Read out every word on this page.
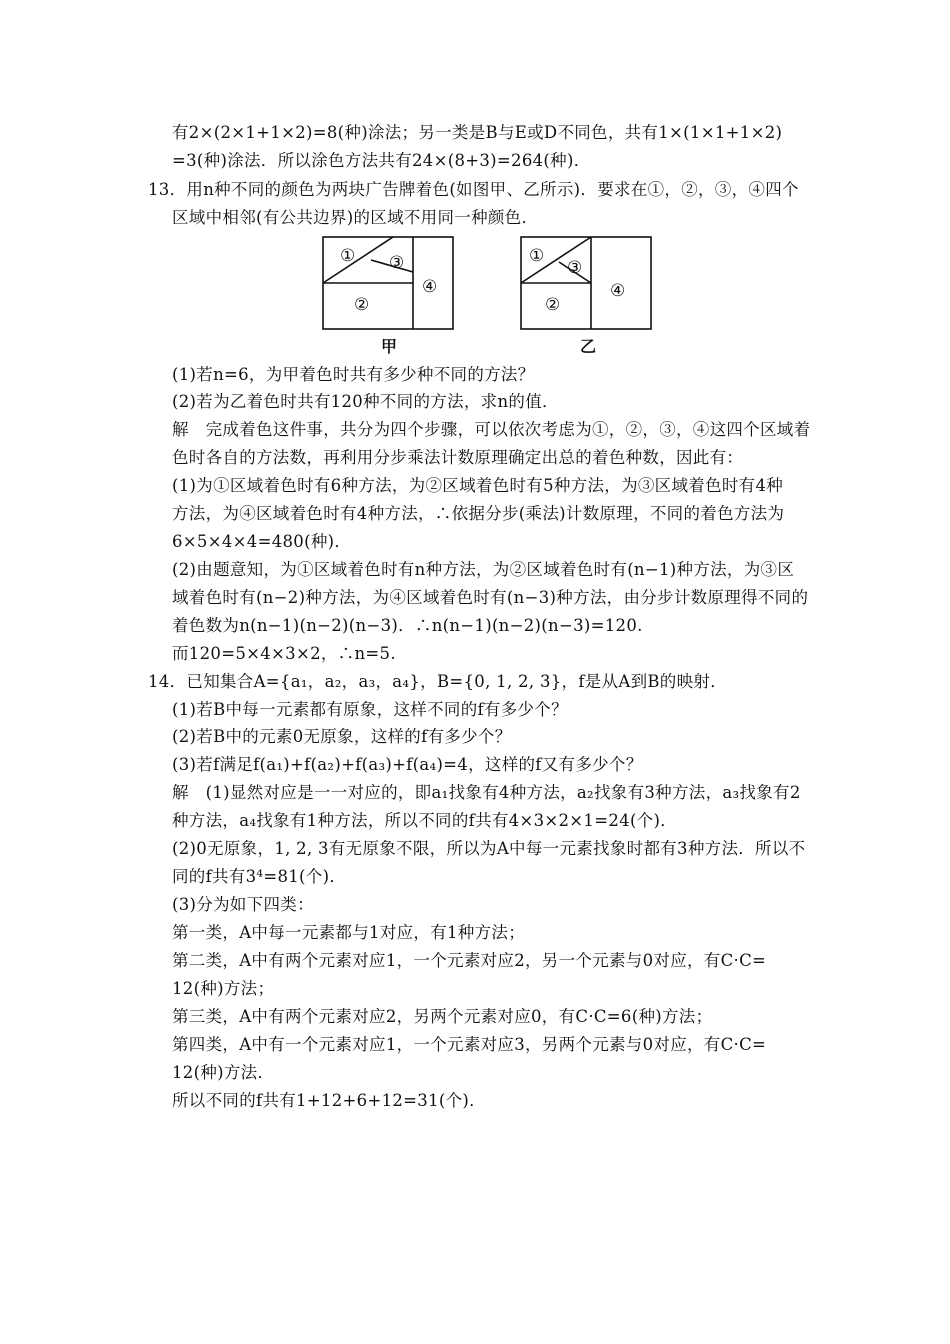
有2×(2×1+1×2)=8(种)涂法；另一类是B与E或D不同色，共有1×(1×1+1×2)
=3(种)涂法．所以涂色方法共有24×(8+3)=264(种)．
13．用n种不同的颜色为两块广告牌着色(如图甲、乙所示)．要求在①，②，③，④四个
区域中相邻(有公共边界)的区域不用同一种颜色．
① ③
②
④
甲
①
③
②
④
乙
(1)若n=6，为甲着色时共有多少种不同的方法？
(2)若为乙着色时共有120种不同的方法，求n的值．
解　完成着色这件事，共分为四个步骤，可以依次考虑为①，②，③，④这四个区域着
色时各自的方法数，再利用分步乘法计数原理确定出总的着色种数，因此有：
(1)为①区域着色时有6种方法，为②区域着色时有5种方法，为③区域着色时有4种
方法，为④区域着色时有4种方法，∴依据分步(乘法)计数原理，不同的着色方法为
6×5×4×4=480(种)．
(2)由题意知，为①区域着色时有n种方法，为②区域着色时有(n−1)种方法，为③区
域着色时有(n−2)种方法，为④区域着色时有(n−3)种方法，由分步计数原理得不同的
着色数为n(n−1)(n−2)(n−3)．∴n(n−1)(n−2)(n−3)=120.
而120=5×4×3×2，∴n=5.
14．已知集合A={a₁，a₂，a₃，a₄}，B={0, 1, 2, 3}，f是从A到B的映射．
(1)若B中每一元素都有原象，这样不同的f有多少个？
(2)若B中的元素0无原象，这样的f有多少个？
(3)若f满足f(a₁)+f(a₂)+f(a₃)+f(a₄)=4，这样的f又有多少个？
解　(1)显然对应是一一对应的，即a₁找象有4种方法，a₂找象有3种方法，a₃找象有2
种方法，a₄找象有1种方法，所以不同的f共有4×3×2×1=24(个)．
(2)0无原象，1, 2, 3有无原象不限，所以为A中每一元素找象时都有3种方法．所以不
同的f共有3⁴=81(个)．
(3)分为如下四类：
第一类，A中每一元素都与1对应，有1种方法；
第二类，A中有两个元素对应1，一个元素对应2，另一个元素与0对应，有C·C=
12(种)方法；
第三类，A中有两个元素对应2，另两个元素对应0，有C·C=6(种)方法；
第四类，A中有一个元素对应1，一个元素对应3，另两个元素与0对应，有C·C=
12(种)方法．
所以不同的f共有1+12+6+12=31(个)．
